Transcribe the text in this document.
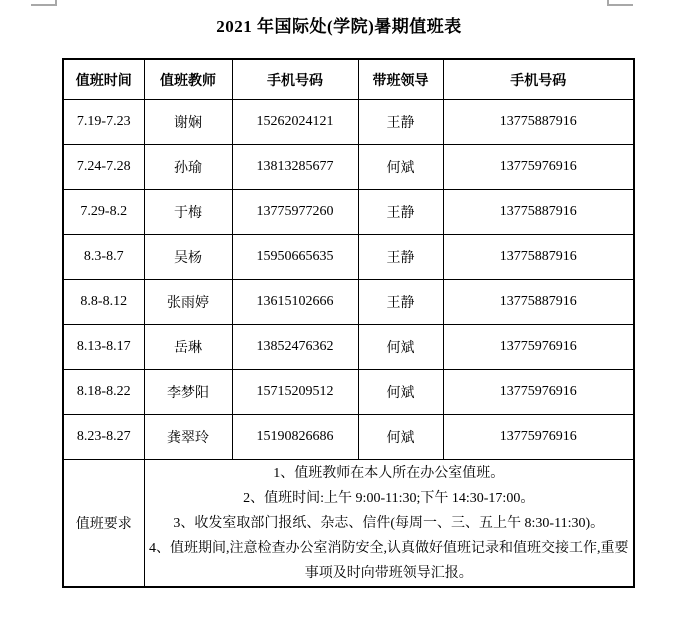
2021 年国际处(学院)暑期值班表
值班时间	值班教师	手机号码	带班领导	手机号码
7.19-7.23	谢娴	15262024121	王静	13775887916
7.24-7.28	孙瑜	13813285677	何斌	13775976916
7.29-8.2	于梅	13775977260	王静	13775887916
8.3-8.7	吴杨	15950665635	王静	13775887916
8.8-8.12	张雨婷	13615102666	王静	13775887916
8.13-8.17	岳琳	13852476362	何斌	13775976916
8.18-8.22	李梦阳	15715209512	何斌	13775976916
8.23-8.27	龚翠玲	15190826686	何斌	13775976916
值班要求	1、值班教师在本人所在办公室值班。
2、值班时间:上午 9:00-11:30;下午 14:30-17:00。
3、收发室取部门报纸、杂志、信件(每周一、三、五上午 8:30-11:30)。
4、值班期间,注意检查办公室消防安全,认真做好值班记录和值班交接工作,重要事项及时向带班领导汇报。			
